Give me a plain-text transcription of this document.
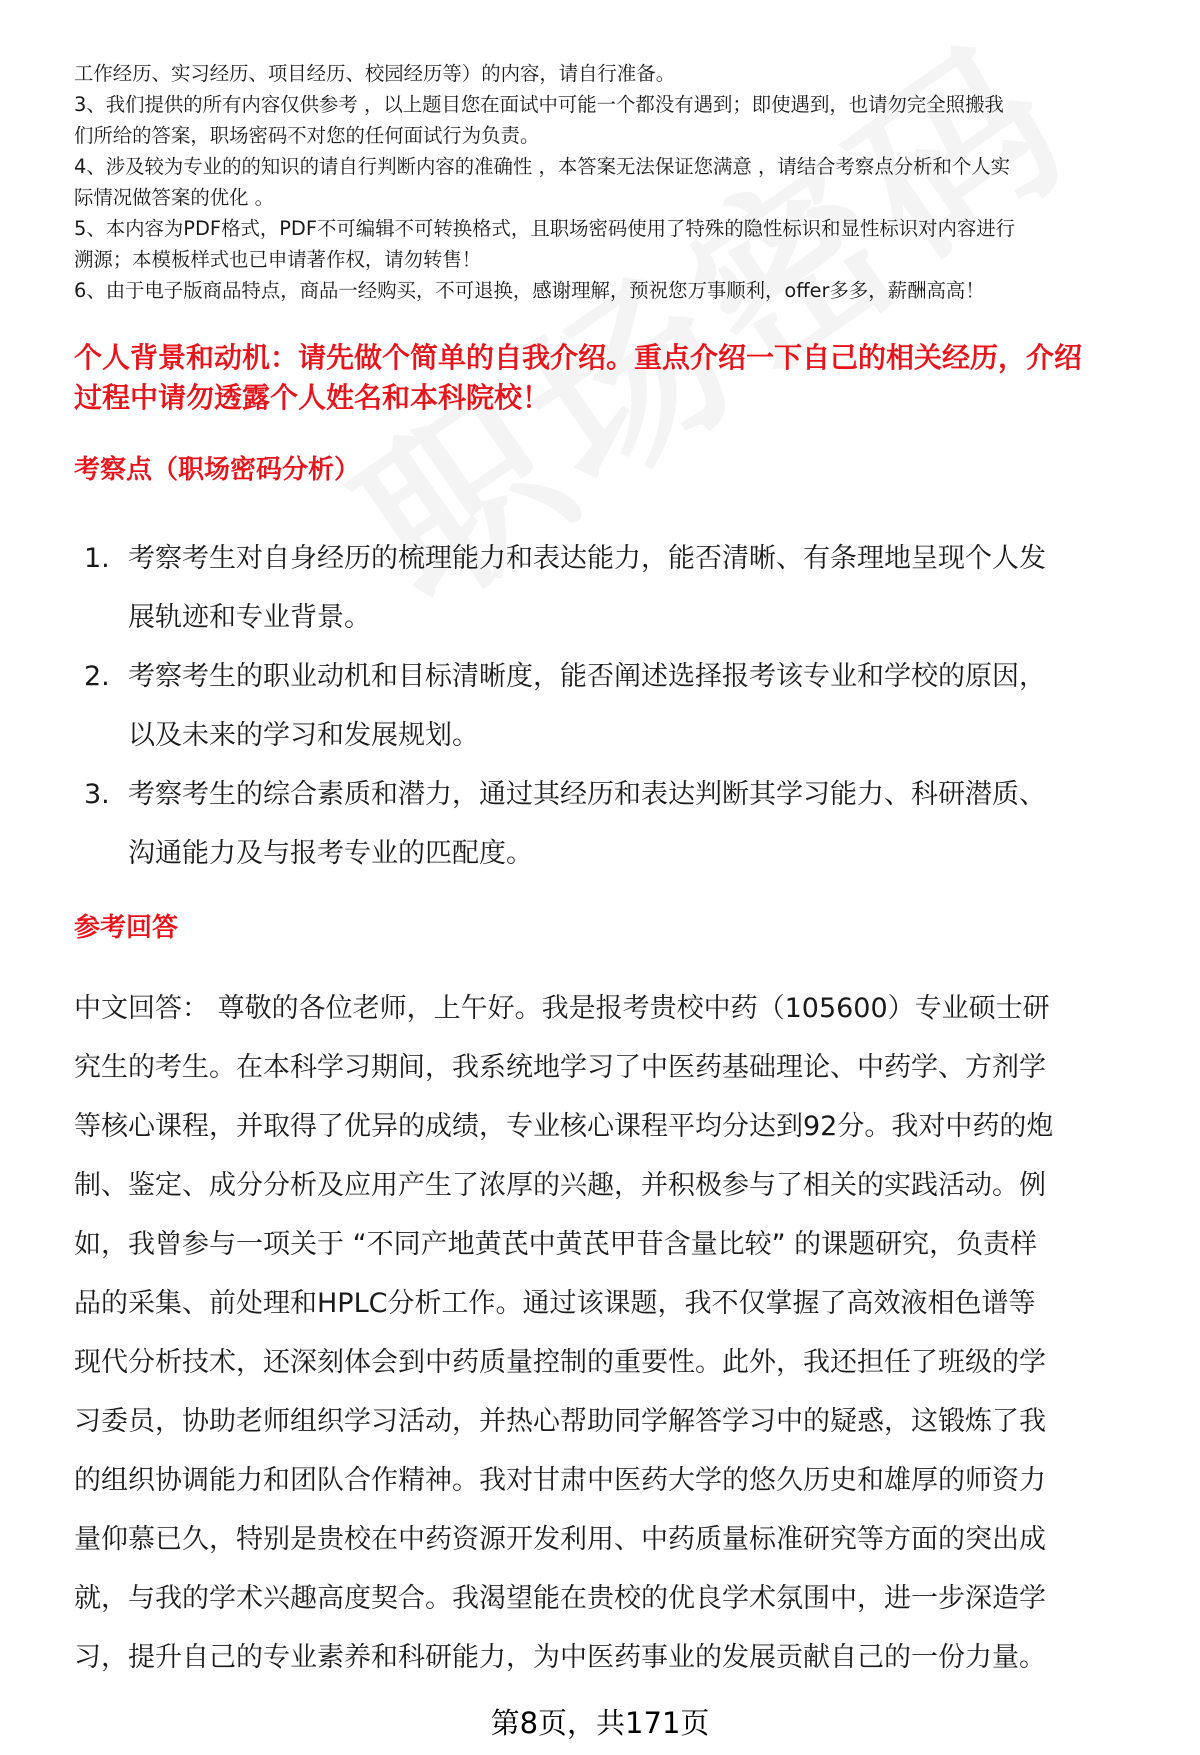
工作经历、实习经历、项目经历、校园经历等）的内容，请自行准备。

3、我们提供的所有内容仅供参考 ，以上题目您在面试中可能一个都没有遇到；即使遇到，也请勿完全照搬我

们所给的答案，职场密码不对您的任何面试行为负责。

4、涉及较为专业的的知识的请自行判断内容的准确性 ，本答案无法保证您满意 ，请结合考察点分析和个人实

际情况做答案的优化 。

5、本内容为PDF格式，PDF不可编辑不可转换格式，且职场密码使用了特殊的隐性标识和显性标识对内容进行

溯源；本模板样式也已申请著作权，请勿转售！

6、由于电子版商品特点，商品一经购买，不可退换，感谢理解，预祝您万事顺利，offer多多，薪酬高高！

个人背景和动机：请先做个简单的自我介绍。重点介绍一下自己的相关经历，介绍
过程中请勿透露个人姓名和本科院校！
考察点（职场密码分析）

1. 考察考生对自身经历的梳理能力和表达能力，能否清晰、有条理地呈现个人发

展轨迹和专业背景。

2. 考察考生的职业动机和目标清晰度，能否阐述选择报考该专业和学校的原因，

以及未来的学习和发展规划。

3. 考察考生的综合素质和潜力，通过其经历和表达判断其学习能力、科研潜质、

沟通能力及与报考专业的匹配度。

参考回答

中文回答： 尊敬的各位老师，上午好。我是报考贵校中药（105600）专业硕士研

究生的考生。在本科学习期间，我系统地学习了中医药基础理论、中药学、方剂学

等核心课程，并取得了优异的成绩，专业核心课程平均分达到92分。我对中药的炮

制、鉴定、成分分析及应用产生了浓厚的兴趣，并积极参与了相关的实践活动。例

如，我曾参与一项关于 “不同产地黄芪中黄芪甲苷含量比较” 的课题研究，负责样

品的采集、前处理和HPLC分析工作。通过该课题，我不仅掌握了高效液相色谱等

现代分析技术，还深刻体会到中药质量控制的重要性。此外，我还担任了班级的学

习委员，协助老师组织学习活动，并热心帮助同学解答学习中的疑惑，这锻炼了我

的组织协调能力和团队合作精神。我对甘肃中医药大学的悠久历史和雄厚的师资力

量仰慕已久，特别是贵校在中药资源开发利用、中药质量标准研究等方面的突出成

就，与我的学术兴趣高度契合。我渴望能在贵校的优良学术氛围中，进一步深造学

习，提升自己的专业素养和科研能力，为中医药事业的发展贡献自己的一份力量。

第8页，共171页
